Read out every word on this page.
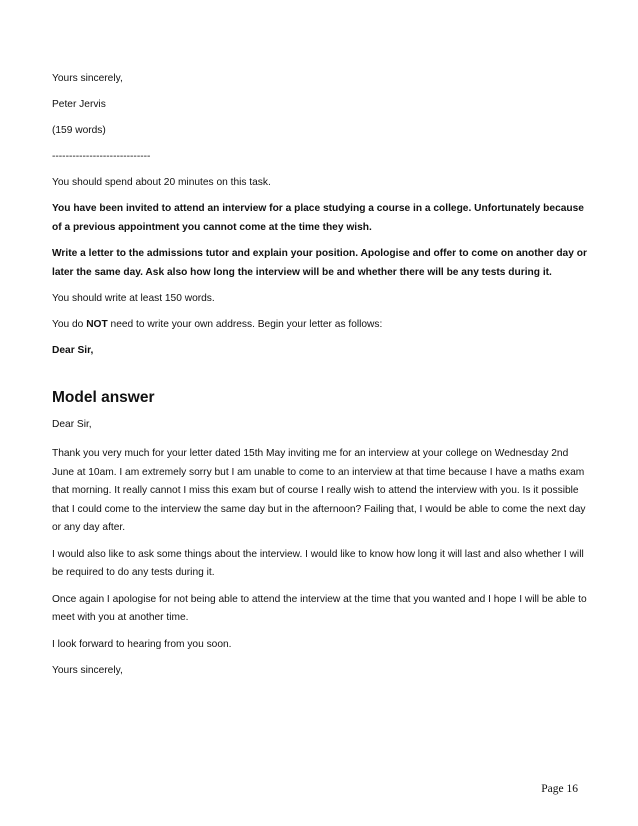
Yours sincerely,

Peter Jervis

(159 words)

-----------------------------

You should spend about 20 minutes on this task.

You have been invited to attend an interview for a place studying a course in a college. Unfortunately because of a previous appointment you cannot come at the time they wish.

Write a letter to the admissions tutor and explain your position. Apologise and offer to come on another day or later the same day. Ask also how long the interview will be and whether there will be any tests during it.

You should write at least 150 words.

You do NOT need to write your own address. Begin your letter as follows:

Dear Sir,

Model answer

Dear Sir,

Thank you very much for your letter dated 15th May inviting me for an interview at your college on Wednesday 2nd June at 10am. I am extremely sorry but I am unable to come to an interview at that time because I have a maths exam that morning. It really cannot I miss this exam but of course I really wish to attend the interview with you. Is it possible that I could come to the interview the same day but in the afternoon? Failing that, I would be able to come the next day or any day after.

I would also like to ask some things about the interview. I would like to know how long it will last and also whether I will be required to do any tests during it.

Once again I apologise for not being able to attend the interview at the time that you wanted and I hope I will be able to meet with you at another time.

I look forward to hearing from you soon.

Yours sincerely,

Page 16
